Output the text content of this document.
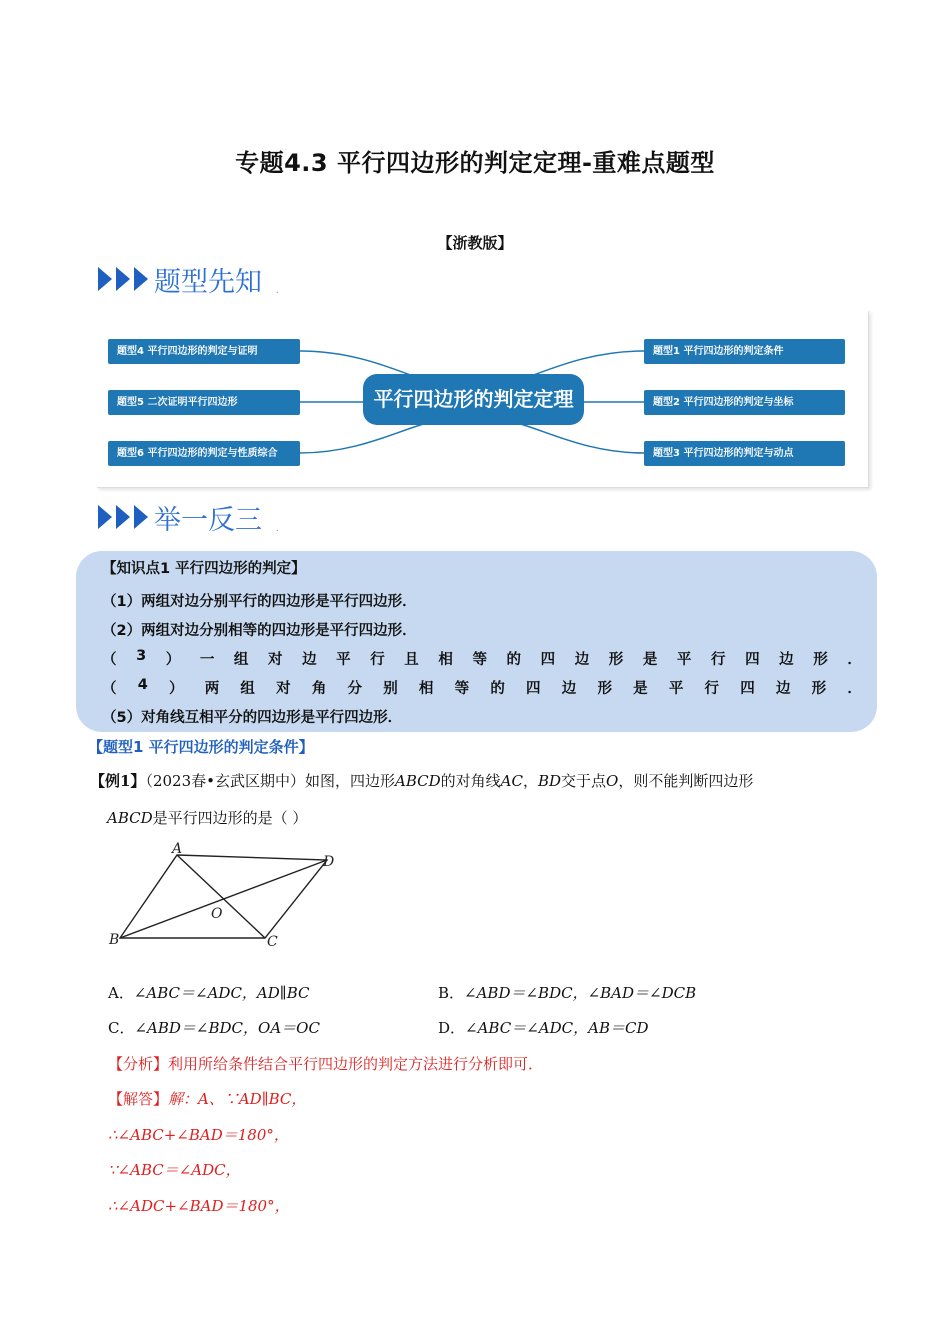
专题4.3 平行四边形的判定定理-重难点题型
【浙教版】
题型先知 .
题型4 平行四边形的判定与证明
题型5 二次证明平行四边形
题型6 平行四边形的判定与性质综合
平行四边形的判定定理
题型1 平行四边形的判定条件
题型2 平行四边形的判定与坐标
题型3 平行四边形的判定与动点
举一反三 .
【知识点1 平行四边形的判定】
（1）两组对边分别平行的四边形是平行四边形．
（2）两组对边分别相等的四边形是平行四边形．
（ 3 ） 一 组 对 边 平 行 且 相 等 的 四 边 形 是 平 行 四 边 形 ．
（ 4 ） 两 组 对 角 分 别 相 等 的 四 边 形 是 平 行 四 边 形 ．
（5）对角线互相平分的四边形是平行四边形．
【题型1 平行四边形的判定条件】
【例1】（2023春•玄武区期中）如图，四边形ABCD的对角线AC，BD交于点O，则不能判断四边形
ABCD是平行四边形的是（ ）
A
B	C
D
O
A．∠ABC＝∠ADC，AD∥BC	B．∠ABD＝∠BDC，∠BAD＝∠DCB
C．∠ABD＝∠BDC，OA＝OC	D．∠ABC＝∠ADC，AB＝CD
【分析】利用所给条件结合平行四边形的判定方法进行分析即可．
【解答】解：A、∵AD∥BC，
∴∠ABC+∠BAD＝180°，
∵∠ABC＝∠ADC，
∴∠ADC+∠BAD＝180°，
